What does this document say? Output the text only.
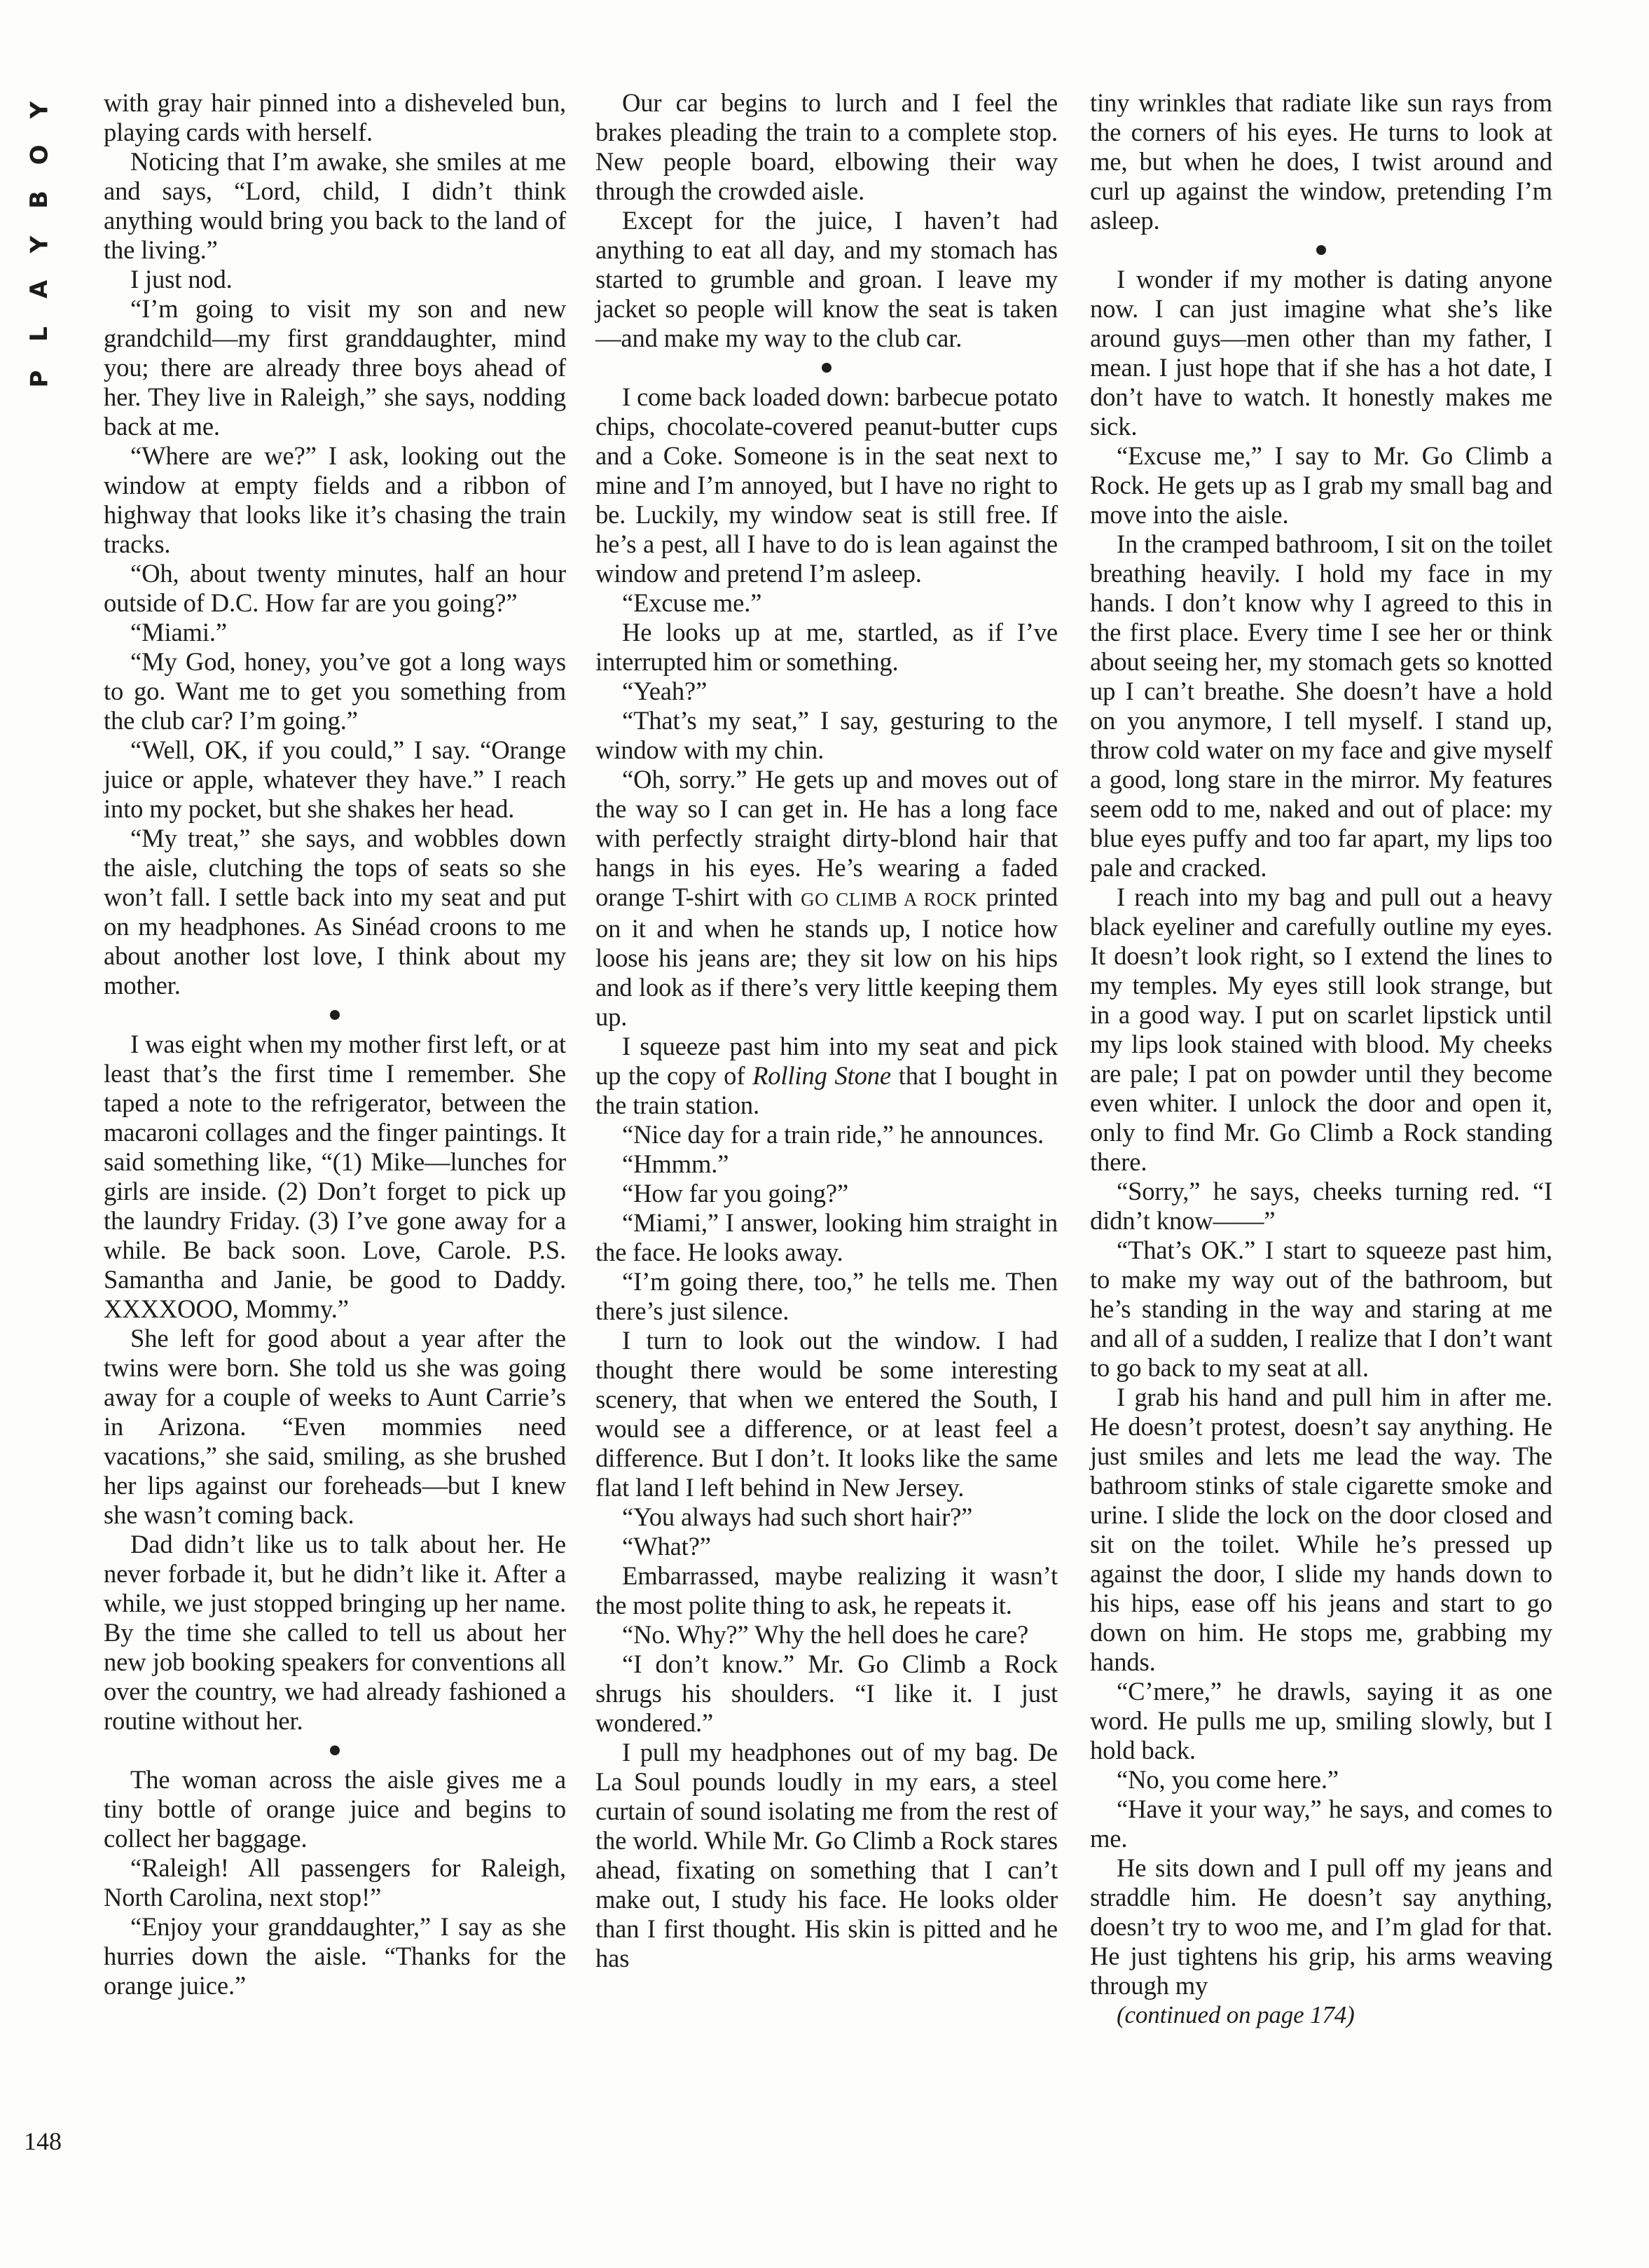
Y
O
B
Y
A
L
P

with gray hair pinned into a disheveled bun, playing cards with herself.

Noticing that I’m awake, she smiles at me and says, “Lord, child, I didn’t think anything would bring you back to the land of the living.”

I just nod.

“I’m going to visit my son and new grandchild—my first granddaughter, mind you; there are already three boys ahead of her. They live in Raleigh,” she says, nodding back at me.

“Where are we?” I ask, looking out the window at empty fields and a ribbon of highway that looks like it’s chasing the train tracks.

“Oh, about twenty minutes, half an hour outside of D.C. How far are you going?”

“Miami.”

“My God, honey, you’ve got a long ways to go. Want me to get you something from the club car? I’m going.”

“Well, OK, if you could,” I say. “Orange juice or apple, whatever they have.” I reach into my pocket, but she shakes her head.

“My treat,” she says, and wobbles down the aisle, clutching the tops of seats so she won’t fall. I settle back into my seat and put on my headphones. As Sinéad croons to me about another lost love, I think about my mother.

I was eight when my mother first left, or at least that’s the first time I remember. She taped a note to the refrigerator, between the macaroni collages and the finger paintings. It said something like, “(1) Mike—lunches for girls are inside. (2) Don’t forget to pick up the laundry Friday. (3) I’ve gone away for a while. Be back soon. Love, Carole. P.S. Samantha and Janie, be good to Daddy. XXXXOOO, Mommy.”

She left for good about a year after the twins were born. She told us she was going away for a couple of weeks to Aunt Carrie’s in Arizona. “Even mommies need vacations,” she said, smiling, as she brushed her lips against our foreheads—but I knew she wasn’t coming back.

Dad didn’t like us to talk about her. He never forbade it, but he didn’t like it. After a while, we just stopped bringing up her name. By the time she called to tell us about her new job booking speakers for conventions all over the country, we had already fashioned a routine without her.

The woman across the aisle gives me a tiny bottle of orange juice and begins to collect her baggage.

“Raleigh! All passengers for Raleigh, North Carolina, next stop!”

“Enjoy your granddaughter,” I say as she hurries down the aisle. “Thanks for the orange juice.”

Our car begins to lurch and I feel the brakes pleading the train to a complete stop. New people board, elbowing their way through the crowded aisle.

Except for the juice, I haven’t had anything to eat all day, and my stomach has started to grumble and groan. I leave my jacket so people will know the seat is taken—and make my way to the club car.

I come back loaded down: barbecue potato chips, chocolate-covered peanut-butter cups and a Coke. Someone is in the seat next to mine and I’m annoyed, but I have no right to be. Luckily, my window seat is still free. If he’s a pest, all I have to do is lean against the window and pretend I’m asleep.

“Excuse me.”

He looks up at me, startled, as if I’ve interrupted him or something.

“Yeah?”

“That’s my seat,” I say, gesturing to the window with my chin.

“Oh, sorry.” He gets up and moves out of the way so I can get in. He has a long face with perfectly straight dirty-blond hair that hangs in his eyes. He’s wearing a faded orange T-shirt with GO CLIMB A ROCK printed on it and when he stands up, I notice how loose his jeans are; they sit low on his hips and look as if there’s very little keeping them up.

I squeeze past him into my seat and pick up the copy of Rolling Stone that I bought in the train station.

“Nice day for a train ride,” he announces.

“Hmmm.”

“How far you going?”

“Miami,” I answer, looking him straight in the face. He looks away.

“I’m going there, too,” he tells me. Then there’s just silence.

I turn to look out the window. I had thought there would be some interesting scenery, that when we entered the South, I would see a difference, or at least feel a difference. But I don’t. It looks like the same flat land I left behind in New Jersey.

“You always had such short hair?”

“What?”

Embarrassed, maybe realizing it wasn’t the most polite thing to ask, he repeats it.

“No. Why?” Why the hell does he care?

“I don’t know.” Mr. Go Climb a Rock shrugs his shoulders. “I like it. I just wondered.”

I pull my headphones out of my bag. De La Soul pounds loudly in my ears, a steel curtain of sound isolating me from the rest of the world. While Mr. Go Climb a Rock stares ahead, fixating on something that I can’t make out, I study his face. He looks older than I first thought. His skin is pitted and he has

tiny wrinkles that radiate like sun rays from the corners of his eyes. He turns to look at me, but when he does, I twist around and curl up against the window, pretending I’m asleep.

I wonder if my mother is dating anyone now. I can just imagine what she’s like around guys—men other than my father, I mean. I just hope that if she has a hot date, I don’t have to watch. It honestly makes me sick.

“Excuse me,” I say to Mr. Go Climb a Rock. He gets up as I grab my small bag and move into the aisle.

In the cramped bathroom, I sit on the toilet breathing heavily. I hold my face in my hands. I don’t know why I agreed to this in the first place. Every time I see her or think about seeing her, my stomach gets so knotted up I can’t breathe. She doesn’t have a hold on you anymore, I tell myself. I stand up, throw cold water on my face and give myself a good, long stare in the mirror. My features seem odd to me, naked and out of place: my blue eyes puffy and too far apart, my lips too pale and cracked.

I reach into my bag and pull out a heavy black eyeliner and carefully outline my eyes. It doesn’t look right, so I extend the lines to my temples. My eyes still look strange, but in a good way. I put on scarlet lipstick until my lips look stained with blood. My cheeks are pale; I pat on powder until they become even whiter. I unlock the door and open it, only to find Mr. Go Climb a Rock standing there.

“Sorry,” he says, cheeks turning red. “I didn’t know——”

“That’s OK.” I start to squeeze past him, to make my way out of the bathroom, but he’s standing in the way and staring at me and all of a sudden, I realize that I don’t want to go back to my seat at all.

I grab his hand and pull him in after me. He doesn’t protest, doesn’t say anything. He just smiles and lets me lead the way. The bathroom stinks of stale cigarette smoke and urine. I slide the lock on the door closed and sit on the toilet. While he’s pressed up against the door, I slide my hands down to his hips, ease off his jeans and start to go down on him. He stops me, grabbing my hands.

“C’mere,” he drawls, saying it as one word. He pulls me up, smiling slowly, but I hold back.

“No, you come here.”

“Have it your way,” he says, and comes to me.

He sits down and I pull off my jeans and straddle him. He doesn’t say anything, doesn’t try to woo me, and I’m glad for that. He just tightens his grip, his arms weaving through my

(continued on page 174)

148
